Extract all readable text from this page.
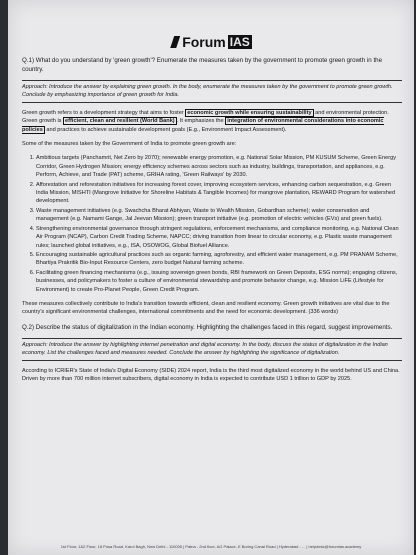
Forum IAS

Q.1) What do you understand by 'green growth'? Enumerate the measures taken by the government to promote green growth in the country.

Approach: Introduce the answer by explaining green growth. In the body, enumerate the measures taken by the government to promote green growth. Conclude by emphasizing importance of green growth for India.

Green growth refers to a development strategy that aims to foster economic growth while ensuring sustainability and environmental protection. Green growth is efficient, clean and resilient (World Bank) . It emphasizes the integration of environmental considerations into economic policies and practices to achieve sustainable development goals (E.g., Environment Impact Assessment).

Some of the measures taken by the Government of India to promote green growth are:

1. Ambitious targets (Panchamrit, Net Zero by 2070); renewable energy promotion, e.g. National Solar Mission, PM KUSUM Scheme, Green Energy Corridor, Green Hydrogen Mission; energy efficiency schemes across sectors such as industry, buildings, transportation, and appliances, e.g. Perform, Achieve, and Trade (PAT) scheme, GRIHA rating, 'Green Railways' by 2030.
2. Afforestation and reforestation initiatives for increasing forest cover, improving ecosystem services, enhancing carbon sequestration, e.g. Green India Mission, MISHTI (Mangrove Initiative for Shoreline Habitats & Tangible Incomes) for mangrove plantation, REWARD Program for watershed development.
3. Waste management initiatives (e.g. Swachcha Bharat Abhiyan, Waste to Wealth Mission, Gobardhan scheme); water conservation and management (e.g. Namami Gange, Jal Jeevan Mission); green transport initiative (e.g. promotion of electric vehicles (EVs) and green fuels).
4. Strengthening environmental governance through stringent regulations, enforcement mechanisms, and compliance monitoring, e.g. National Clean Air Program (NCAP), Carbon Credit Trading Scheme, NAPCC; driving transition from linear to circular economy, e.g. Plastic waste management rules; launched global initiatives, e.g., ISA, OSOWOG, Global Biofuel Alliance.
5. Encouraging sustainable agricultural practices such as organic farming, agroforestry, and efficient water management, e.g. PM PRANAM Scheme, Bhartiya Prakritik Bio-Input Resource Centers, zero budget Natural farming scheme.
6. Facilitating green financing mechanisms (e.g., issuing sovereign green bonds, RBI framework on Green Deposits, ESG norms); engaging citizens, businesses, and policymakers to foster a culture of environmental stewardship and promote behavior change, e.g. Mission LiFE (Lifestyle for Environment) to create Pro-Planet People, Green Credit Program.

These measures collectively contribute to India's transition towards efficient, clean and resilient economy. Green growth initiatives are vital due to the country's significant environmental challenges, international commitments and the need for economic development. (336 words)

Q.2) Describe the status of digitalization in the Indian economy. Highlighting the challenges faced in this regard, suggest improvements.

Approach: Introduce the answer by highlighting internet penetration and digital economy. In the body, discuss the status of digitalization in the Indian economy. List the challenges faced and measures needed. Conclude the answer by highlighting the significance of digitalization.

According to ICRIER's State of India's Digital Economy (SIDE) 2024 report, India is the third most digitalized economy in the world behind US and China. Driven by more than 700 million internet subscribers, digital economy in India is expected to contribute USD 1 trillion to GDP by 2025.

1st Floor, 1&2 Floor, 18 Pusa Road, Karol Bagh, New Delhi - 110005 | Patna - 2nd floor, AG Palace, E Boring Canal Road | Hyderabad - ... | helpdesk@forumias.academy
